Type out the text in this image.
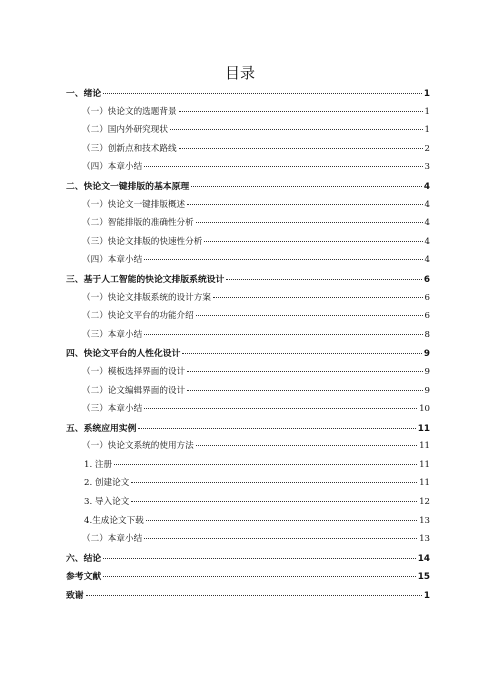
目录
一、绪论	1
（一）快论文的选题背景	1
（二）国内外研究现状	1
（三）创新点和技术路线	2
（四）本章小结	3
二、快论文一键排版的基本原理	4
（一）快论文一键排版概述	4
（二）智能排版的准确性分析	4
（三）快论文排版的快速性分析	4
（四）本章小结	4
三、基于人工智能的快论文排版系统设计	6
（一）快论文排版系统的设计方案	6
（二）快论文平台的功能介绍	6
（三）本章小结	8
四、快论文平台的人性化设计	9
（一）模板选择界面的设计	9
（二）论文编辑界面的设计	9
（三）本章小结	10
五、系统应用实例	11
（一）快论文系统的使用方法	11
1. 注册	11
2. 创建论文	11
3. 导入论文	12
4.生成论文下载	13
（二）本章小结	13
六、结论	14
参考文献	15
致谢	1
